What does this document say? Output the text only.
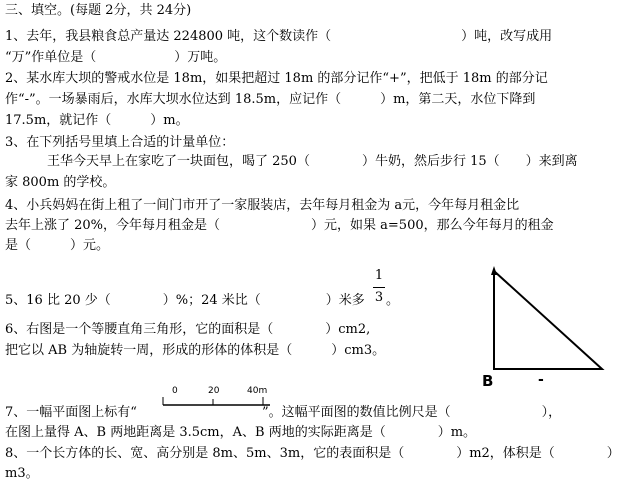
三、填空。(每题 2分，共 24分)
1、去年，我县粮食总产量达 224800 吨，这个数读作（　　　　　　　　　　）吨，改写成用
“万”作单位是（　　　　　　）万吨。
2、某水库大坝的警戒水位是 18m，如果把超过 18m 的部分记作“+”，把低于 18m 的部分记
作“-”。一场暴雨后，水库大坝水位达到 18.5m，应记作（　　　）m，第二天，水位下降到
17.5m，就记作（　　　）m。
3、在下列括号里填上合适的计量单位：
王华今天早上在家吃了一块面包，喝了 250（　　　　）牛奶，然后步行 15（　　）来到离
家 800m 的学校。
4、小兵妈妈在街上租了一间门市开了一家服装店，去年每月租金为 a元，今年每月租金比
去年上涨了 20%，今年每月租金是（　　　　　　　）元，如果 a=500，那么今年每月的租金
是（　　　）元。
5、16 比 20 少（　　　　）%；24 米比（　　　　　）米多
1
3 。
6、右图是一个等腰直角三角形，它的面积是（　　　　）cm2,
把它以 AB 为轴旋转一周，形成的形体的体积是（　　　）cm3。
B	-
0	20	40m
7、一幅平面图上标有“	”。这幅平面图的数值比例尺是（　　　　　　　），
在图上量得 A、B 两地距离是 3.5cm，A、B 两地的实际距离是（　　　　）m。
8、一个长方体的长、宽、高分别是 8m、5m、3m，它的表面积是（　　　　）m2，体积是（　　　　）
m3。
